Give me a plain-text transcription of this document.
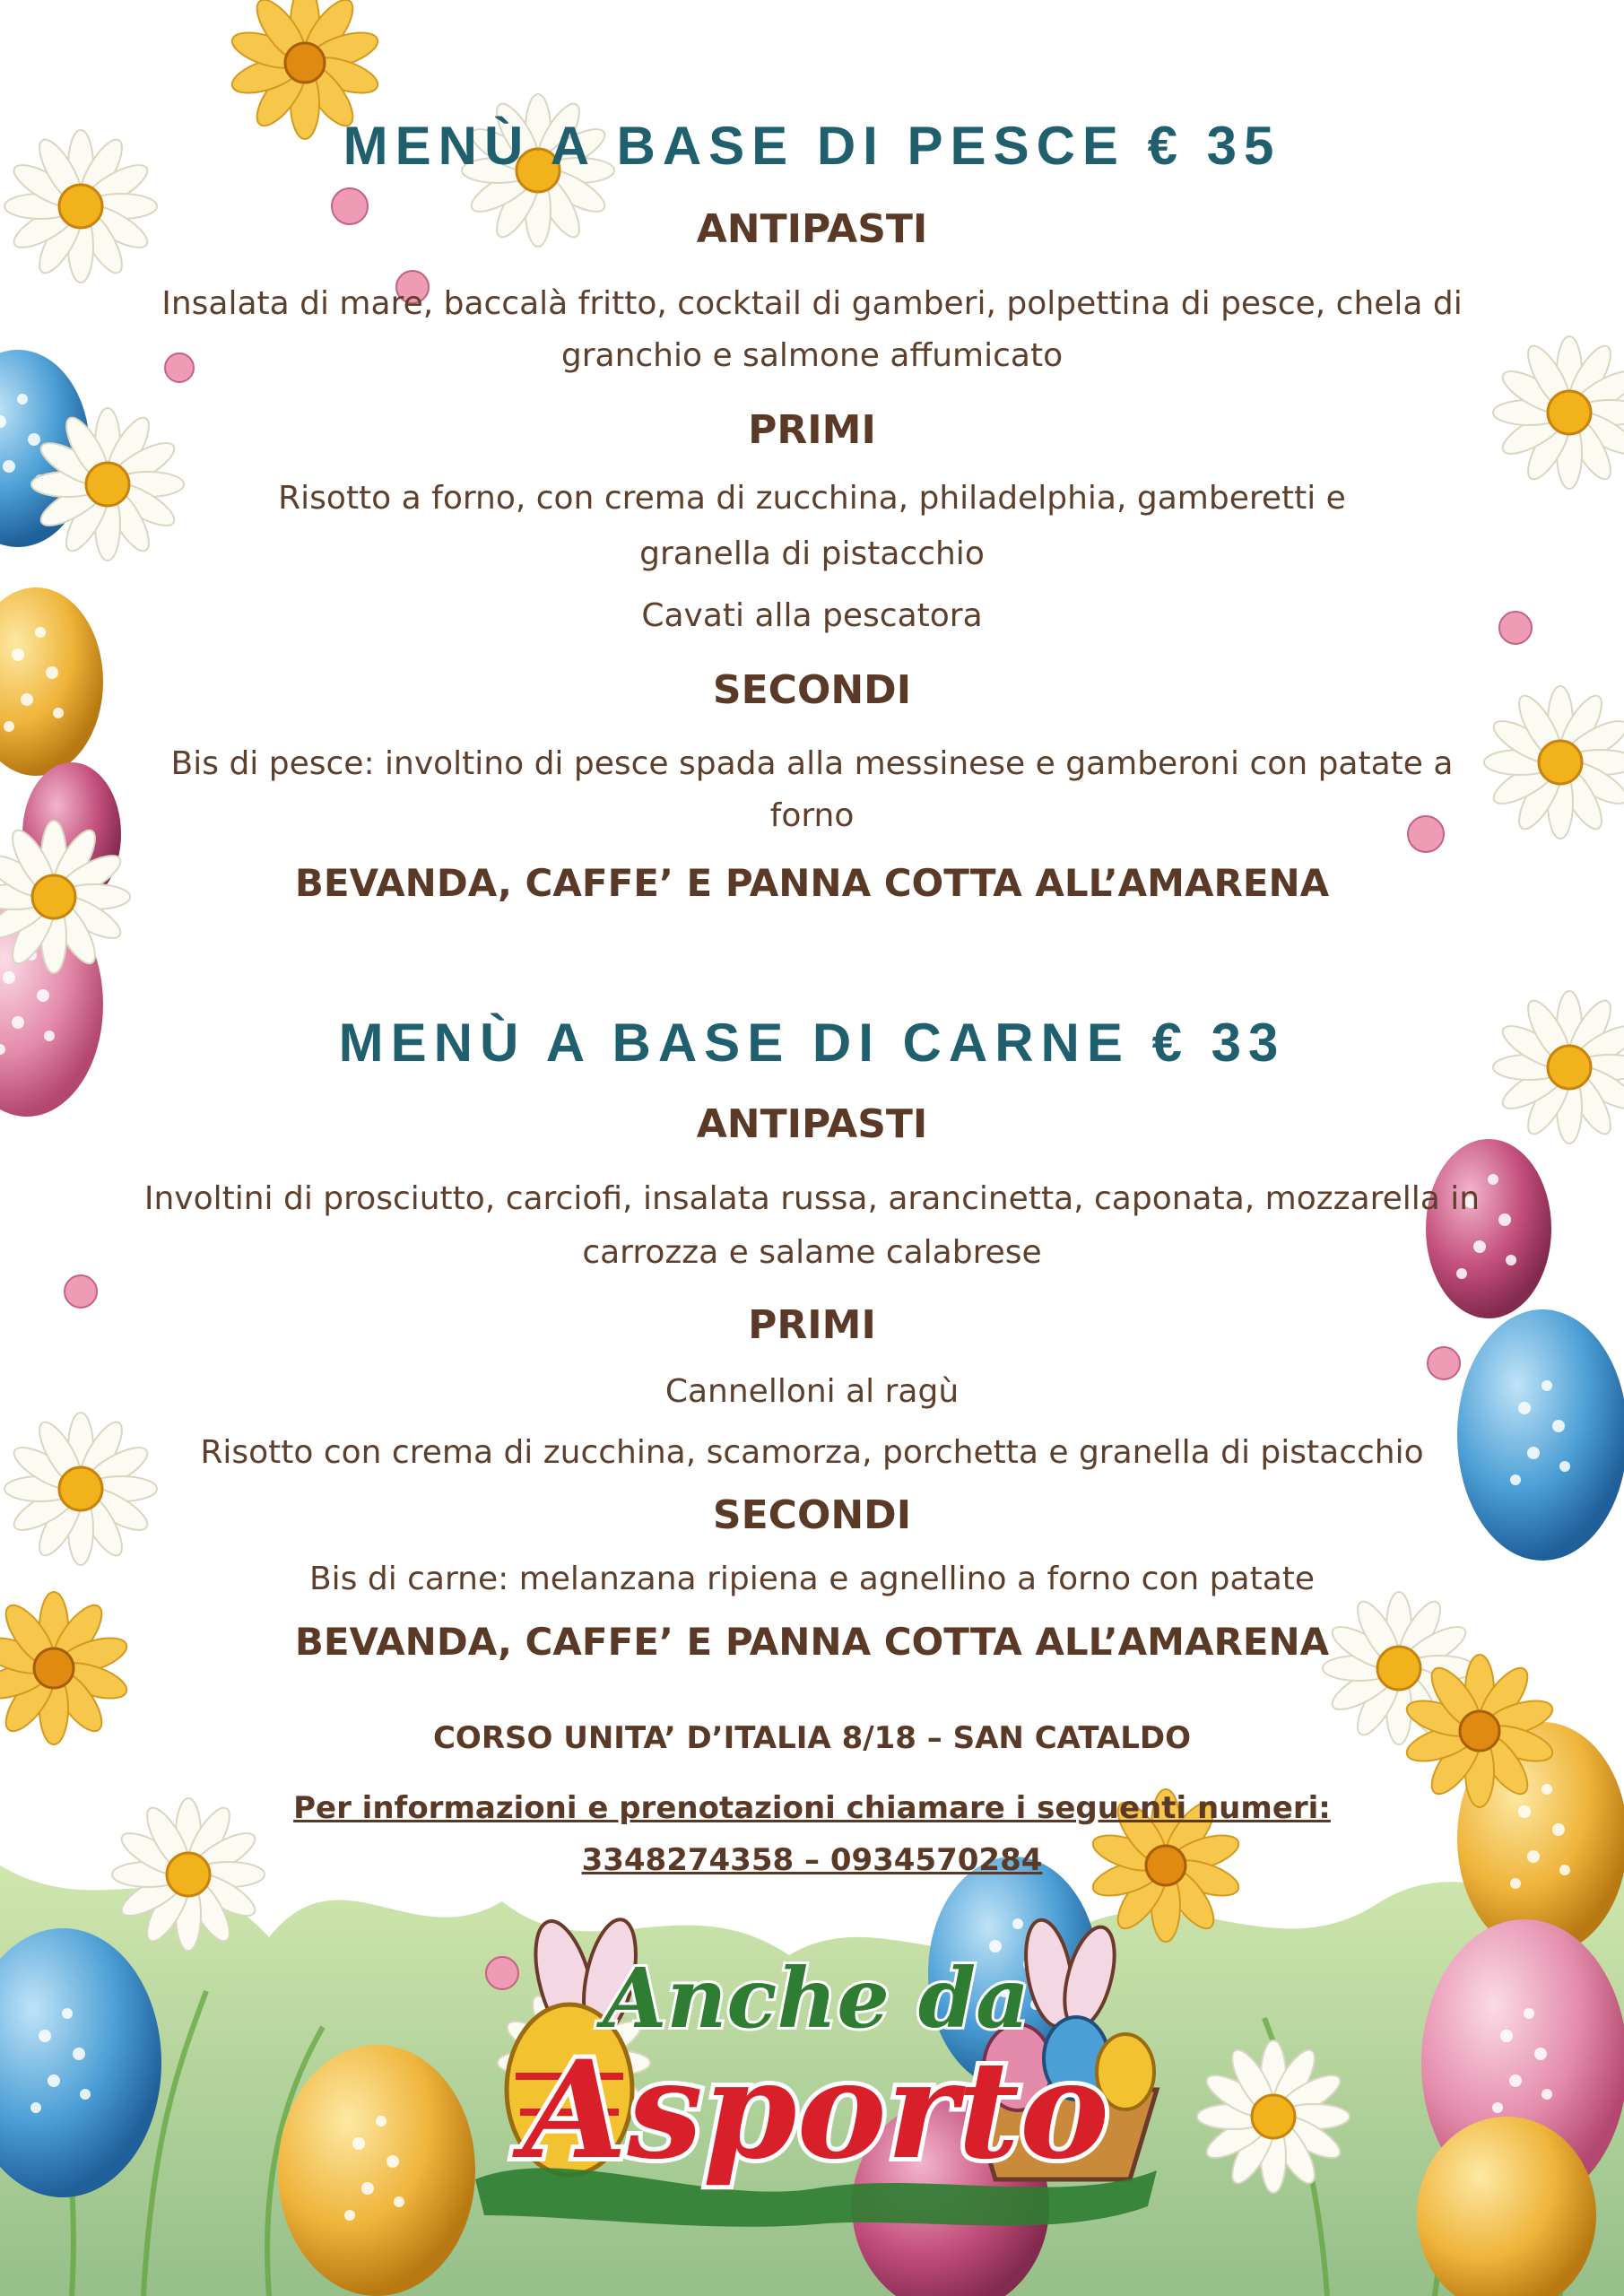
MENÙ A BASE DI PESCE € 35

ANTIPASTI

Insalata di mare, baccalà fritto, cocktail di gamberi, polpettina di pesce, chela di

granchio e salmone affumicato

PRIMI

Risotto a forno, con crema di zucchina, philadelphia, gamberetti e

granella di pistacchio

Cavati alla pescatora

SECONDI

Bis di pesce: involtino di pesce spada alla messinese e gamberoni con patate a

forno

BEVANDA, CAFFE’ E PANNA COTTA ALL’AMARENA

MENÙ A BASE DI CARNE € 33

ANTIPASTI

Involtini di prosciutto, carciofi, insalata russa, arancinetta, caponata, mozzarella in

carrozza e salame calabrese

PRIMI

Cannelloni al ragù

Risotto con crema di zucchina, scamorza, porchetta e granella di pistacchio

SECONDI

Bis di carne: melanzana ripiena e agnellino a forno con patate

BEVANDA, CAFFE’ E PANNA COTTA ALL’AMARENA

CORSO UNITA’ D’ITALIA 8/18 – SAN CATALDO

Per informazioni e prenotazioni chiamare i seguenti numeri:

3348274358 – 0934570284

Anche da
Asporto
